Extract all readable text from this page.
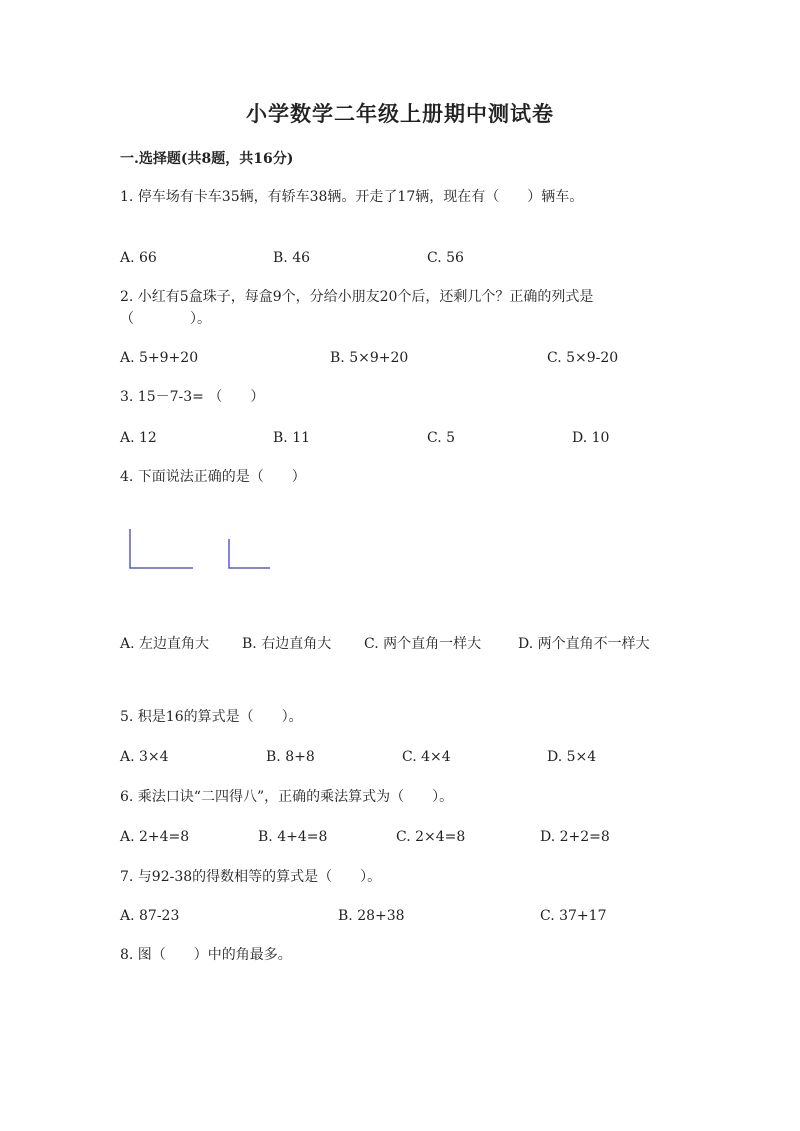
小学数学二年级上册期中测试卷
一.选择题(共8题，共16分)
1. 停车场有卡车35辆，有轿车38辆。开走了17辆，现在有（　　）辆车。
A. 66	B. 46	C. 56
2. 小红有5盒珠子，每盒9个，分给小朋友20个后，还剩几个？正确的列式是
（　　　　）。
A. 5+9+20	B. 5×9+20	C. 5×9-20
3. 15－7-3= （　　）
A. 12	B. 11	C. 5	D. 10
4. 下面说法正确的是（　　）
A. 左边直角大 B. 右边直角大 C. 两个直角一样大	D. 两个直角不一样大
5. 积是16的算式是（　　）。
A. 3×4	B. 8+8	C. 4×4	D. 5×4
6. 乘法口诀“二四得八”，正确的乘法算式为（　　）。
A. 2+4=8	B. 4+4=8	C. 2×4=8	D. 2+2=8
7. 与92-38的得数相等的算式是（　　）。
A. 87-23	B. 28+38	C. 37+17
8. 图（　　）中的角最多。
